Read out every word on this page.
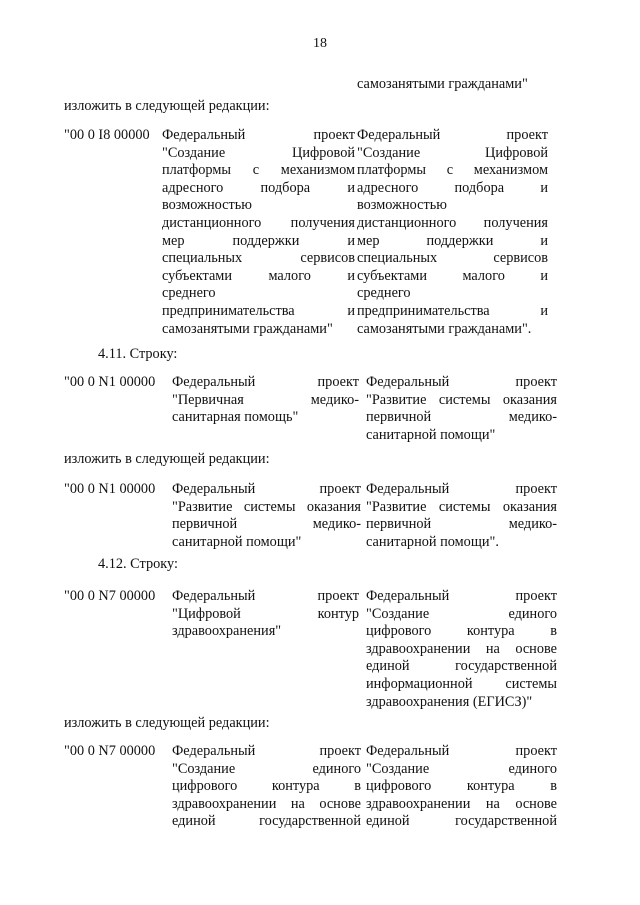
18
самозанятыми гражданами"
изложить в следующей редакции:
"00 0 I8 00000 Федеральный проект
"Создание Цифровой
платформы с механизмом
адресного подбора и
возможностью
дистанционного получения
мер поддержки и
специальных сервисов
субъектами малого и
среднего
предпринимательства и
самозанятыми гражданами"
Федеральный проект
"Создание Цифровой
платформы с механизмом
адресного подбора и
возможностью
дистанционного получения
мер поддержки и
специальных сервисов
субъектами малого и
среднего
предпринимательства и
самозанятыми гражданами".
4.11. Строку:
"00 0 N1 00000 Федеральный проект
"Первичная медико-
санитарная помощь"
Федеральный проект
"Развитие системы оказания
первичной медико-
санитарной помощи"
изложить в следующей редакции:
"00 0 N1 00000 Федеральный проект
"Развитие системы оказания
первичной медико-
санитарной помощи"
Федеральный проект
"Развитие системы оказания
первичной медико-
санитарной помощи".
4.12. Строку:
"00 0 N7 00000 Федеральный проект
"Цифровой контур
здравоохранения"
Федеральный проект
"Создание единого
цифрового контура в
здравоохранении на основе
единой государственной
информационной системы
здравоохранения (ЕГИСЗ)"
изложить в следующей редакции:
"00 0 N7 00000 Федеральный проект
"Создание единого
цифрового контура в
здравоохранении на основе
единой государственной
Федеральный проект
"Создание единого
цифрового контура в
здравоохранении на основе
единой государственной
